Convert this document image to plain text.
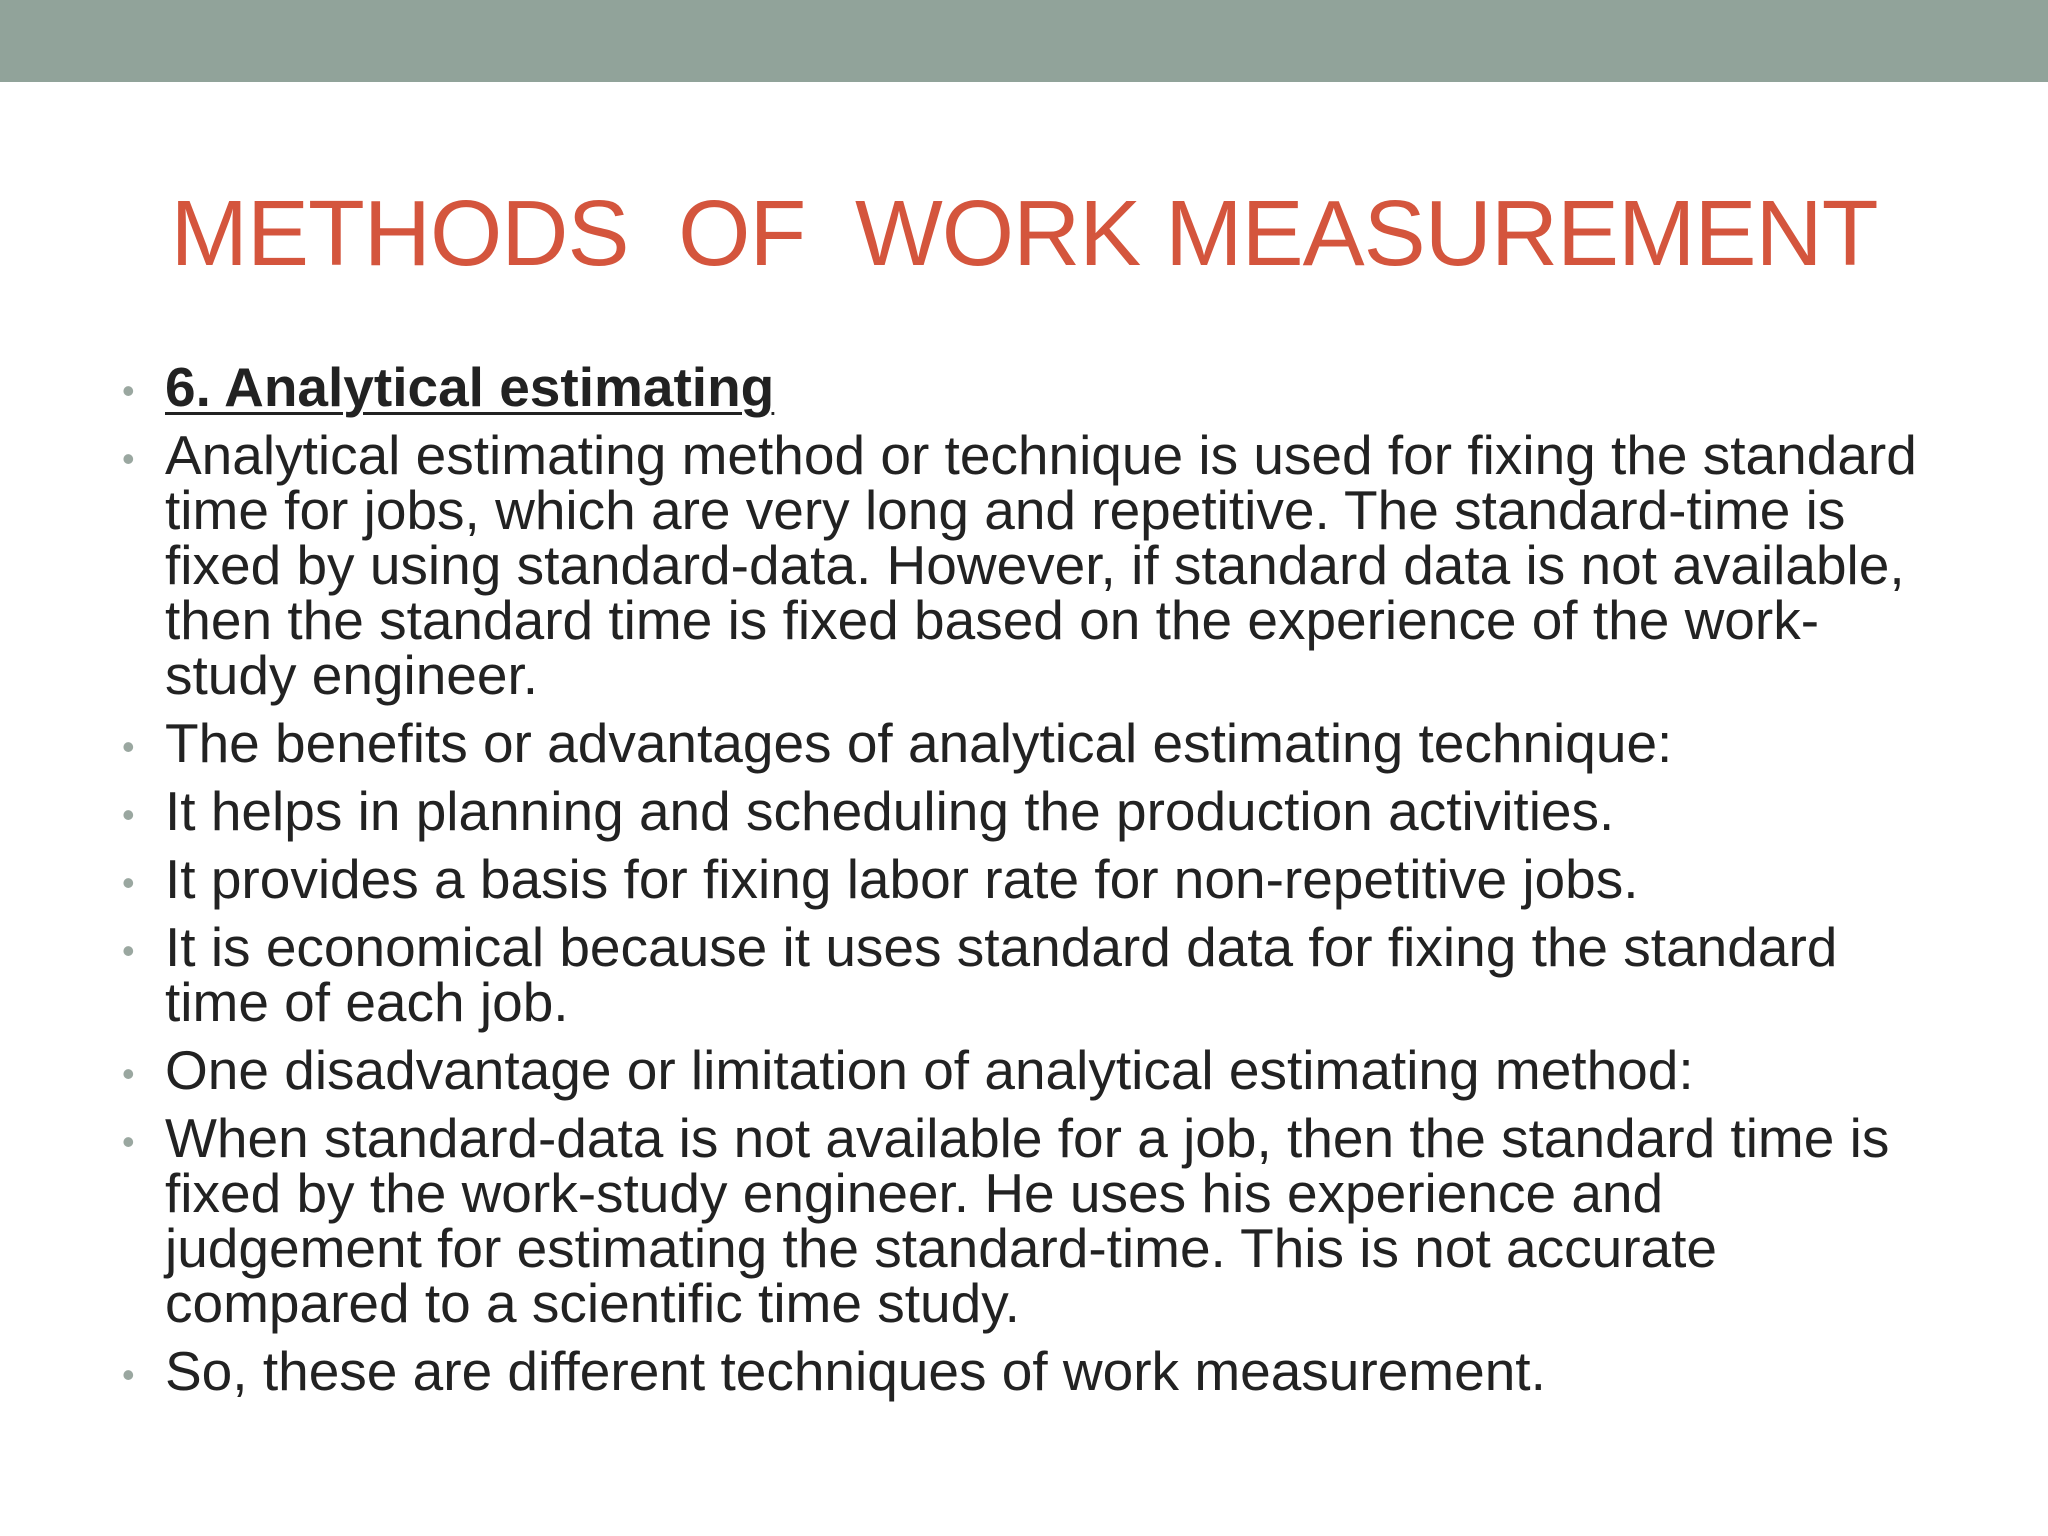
METHODS  OF  WORK MEASUREMENT
• 6. Analytical estimating
• Analytical estimating method or technique is used for fixing the standard time for jobs, which are very long and repetitive. The standard-time is fixed by using standard-data. However, if standard data is not available, then the standard time is fixed based on the experience of the work-study engineer.
• The benefits or advantages of analytical estimating technique:
• It helps in planning and scheduling the production activities.
• It provides a basis for fixing labor rate for non-repetitive jobs.
• It is economical because it uses standard data for fixing the standard time of each job.
• One disadvantage or limitation of analytical estimating method:
• When standard-data is not available for a job, then the standard time is fixed by the work-study engineer. He uses his experience and judgement for estimating the standard-time. This is not accurate compared to a scientific time study.
• So, these are different techniques of work measurement.
